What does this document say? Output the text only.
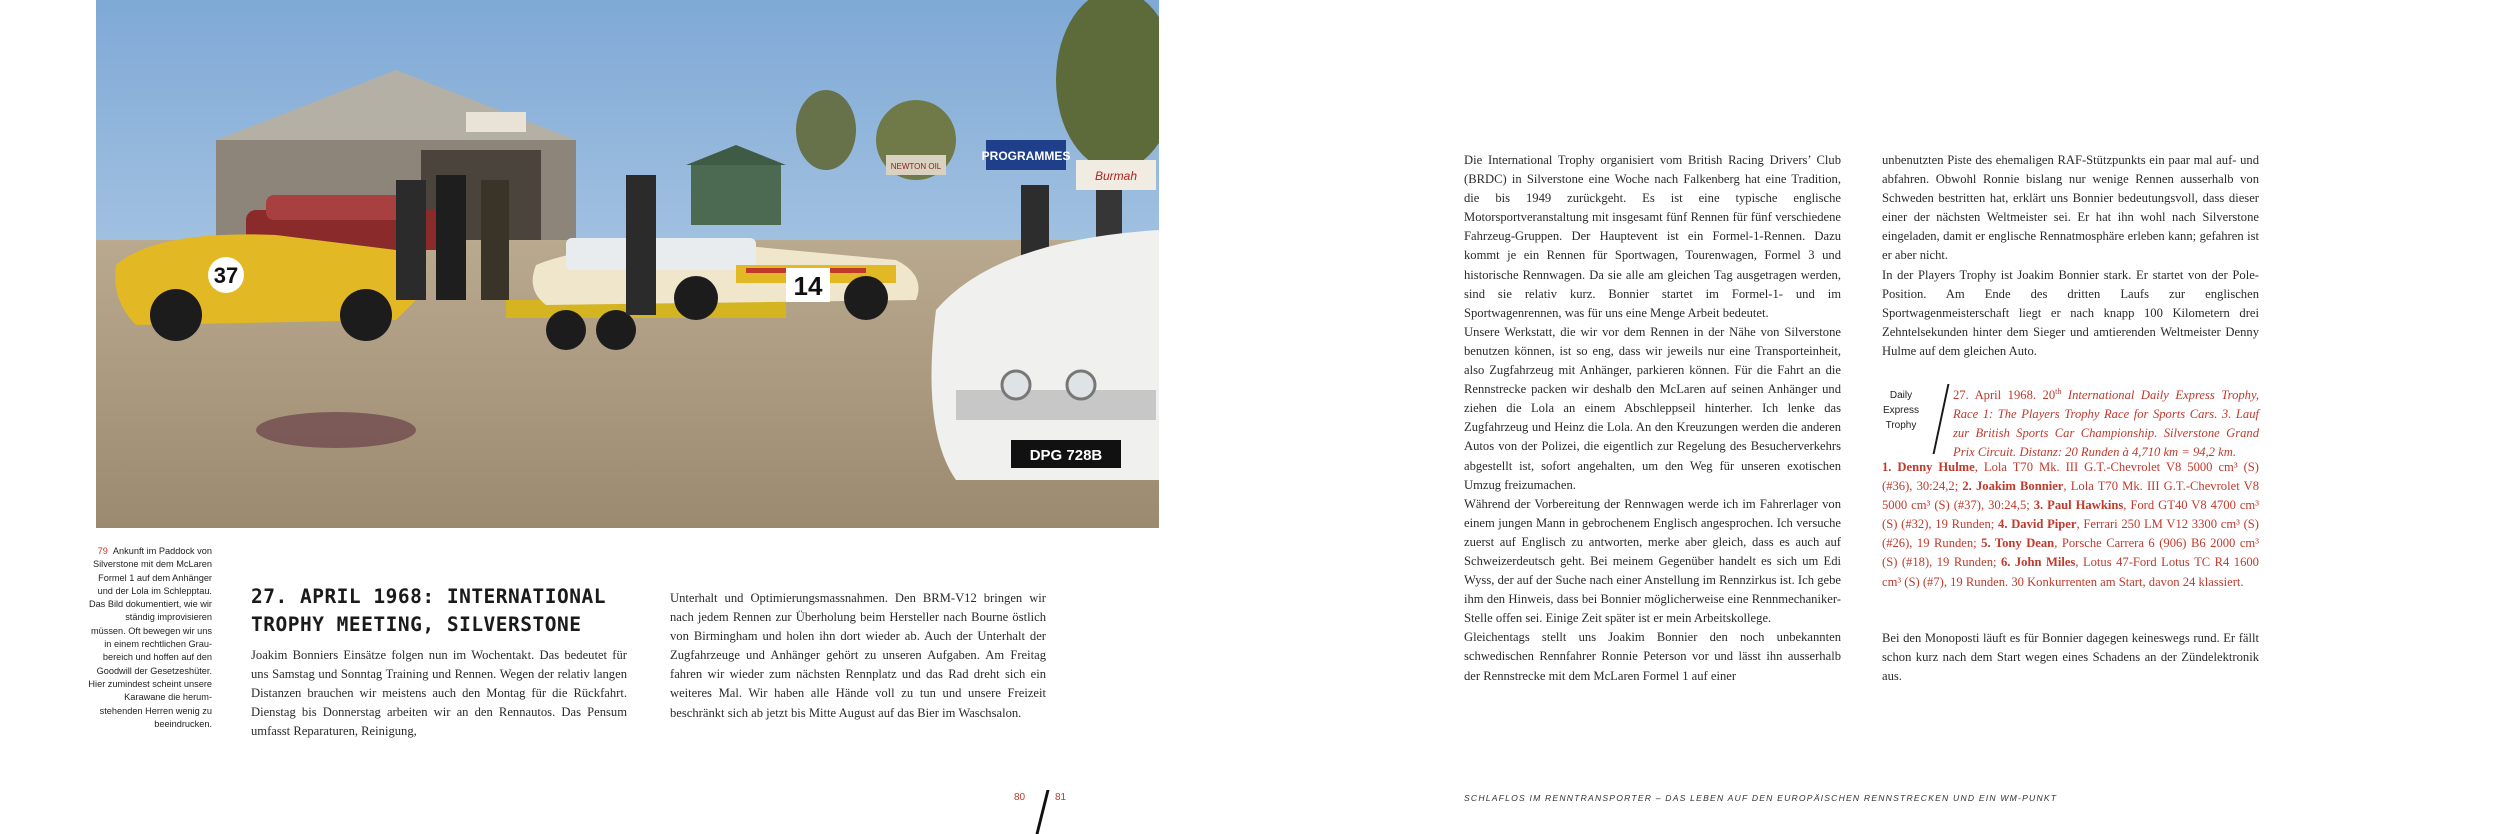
PROGRAMMES
NEWTON OIL
Burmah
37	14
DPG 728B
79 Ankunft im Paddock von Silverstone mit dem McLaren Formel 1 auf dem Anhänger und der Lola im Schlepptau. Das Bild dokumentiert, wie wir ständig improvisieren müssen. Oft bewegen wir uns in einem rechtlichen Graubereich und hoffen auf den Goodwill der Gesetzeshüter. Hier zumindest scheint unsere Karawane die herumstehenden Herren wenig zu beeindrucken.
27. APRIL 1968: INTERNATIONAL TROPHY MEETING, SILVERSTONE
Joakim Bonniers Einsätze folgen nun im Wochentakt. Das bedeutet für uns Samstag und Sonntag Training und Rennen. Wegen der relativ langen Distanzen brauchen wir meistens auch den Montag für die Rückfahrt. Dienstag bis Donnerstag arbeiten wir an den Rennautos. Das Pensum umfasst Reparaturen, Reinigung,
Unterhalt und Optimierungsmassnahmen. Den BRM-V12 bringen wir nach jedem Rennen zur Überholung beim Hersteller nach Bourne östlich von Birmingham und holen ihn dort wieder ab. Auch der Unterhalt der Zugfahrzeuge und Anhänger gehört zu unseren Aufgaben. Am Freitag fahren wir wieder zum nächsten Rennplatz und das Rad dreht sich ein weiteres Mal. Wir haben alle Hände voll zu tun und unsere Freizeit beschränkt sich ab jetzt bis Mitte August auf das Bier im Waschsalon.
Die International Trophy organisiert vom British Racing Drivers’ Club (BRDC) in Silverstone eine Woche nach Falkenberg hat eine Tradition, die bis 1949 zurückgeht. Es ist eine typische englische Motorsportveranstaltung mit insgesamt fünf Rennen für fünf verschiedene Fahrzeug-Gruppen. Der Hauptevent ist ein Formel-1-Rennen. Dazu kommt je ein Rennen für Sportwagen, Tourenwagen, Formel 3 und historische Rennwagen. Da sie alle am gleichen Tag ausgetragen werden, sind sie relativ kurz. Bonnier startet im Formel-1- und im Sportwagenrennen, was für uns eine Menge Arbeit bedeutet.
Unsere Werkstatt, die wir vor dem Rennen in der Nähe von Silverstone benutzen können, ist so eng, dass wir jeweils nur eine Transporteinheit, also Zugfahrzeug mit Anhänger, parkieren können. Für die Fahrt an die Rennstrecke packen wir deshalb den McLaren auf seinen Anhänger und ziehen die Lola an einem Abschleppseil hinterher. Ich lenke das Zugfahrzeug und Heinz die Lola. An den Kreuzungen werden die anderen Autos von der Polizei, die eigentlich zur Regelung des Besucherverkehrs abgestellt ist, sofort angehalten, um den Weg für unseren exotischen Umzug freizumachen.
Während der Vorbereitung der Rennwagen werde ich im Fahrerlager von einem jungen Mann in gebrochenem Englisch angesprochen. Ich versuche zuerst auf Englisch zu antworten, merke aber gleich, dass es auch auf Schweizerdeutsch geht. Bei meinem Gegenüber handelt es sich um Edi Wyss, der auf der Suche nach einer Anstellung im Rennzirkus ist. Ich gebe ihm den Hinweis, dass bei Bonnier möglicherweise eine Rennmechaniker-Stelle offen sei. Einige Zeit später ist er mein Arbeitskollege.
Gleichentags stellt uns Joakim Bonnier den noch unbekannten schwedischen Rennfahrer Ronnie Peterson vor und lässt ihn ausserhalb der Rennstrecke mit dem McLaren Formel 1 auf einer
unbenutzten Piste des ehemaligen RAF-Stützpunkts ein paar mal auf- und abfahren. Obwohl Ronnie bislang nur wenige Rennen ausserhalb von Schweden bestritten hat, erklärt uns Bonnier bedeutungsvoll, dass dieser einer der nächsten Weltmeister sei. Er hat ihn wohl nach Silverstone eingeladen, damit er englische Rennatmosphäre erleben kann; gefahren ist er aber nicht.
In der Players Trophy ist Joakim Bonnier stark. Er startet von der Pole-Position. Am Ende des dritten Laufs zur englischen Sportwagenmeisterschaft liegt er nach knapp 100 Kilometern drei Zehntelsekunden hinter dem Sieger und amtierenden Weltmeister Denny Hulme auf dem gleichen Auto.
Daily
Express
Trophy
27. April 1968. 20th International Daily Express Trophy, Race 1: The Players Trophy Race for Sports Cars. 3. Lauf zur British Sports Car Championship. Silverstone Grand Prix Circuit. Distanz: 20 Runden à 4,710 km = 94,2 km.
1. Denny Hulme, Lola T70 Mk. III G.T.-Chevrolet V8 5000 cm³ (S) (#36), 30:24,2; 2. Joakim Bonnier, Lola T70 Mk. III G.T.-Chevrolet V8 5000 cm³ (S) (#37), 30:24,5; 3. Paul Hawkins, Ford GT40 V8 4700 cm³ (S) (#32), 19 Runden; 4. David Piper, Ferrari 250 LM V12 3300 cm³ (S) (#26), 19 Runden; 5. Tony Dean, Porsche Carrera 6 (906) B6 2000 cm³ (S) (#18), 19 Runden; 6. John Miles, Lotus 47-Ford Lotus TC R4 1600 cm³ (S) (#7), 19 Runden. 30 Konkurrenten am Start, davon 24 klassiert.
Bei den Monoposti läuft es für Bonnier dagegen keineswegs rund. Er fällt schon kurz nach dem Start wegen eines Schadens an der Zündelektronik aus.
80	81	SCHLAFLOS IM RENNTRANSPORTER – DAS LEBEN AUF DEN EUROPÄISCHEN RENNSTRECKEN UND EIN WM-PUNKT
